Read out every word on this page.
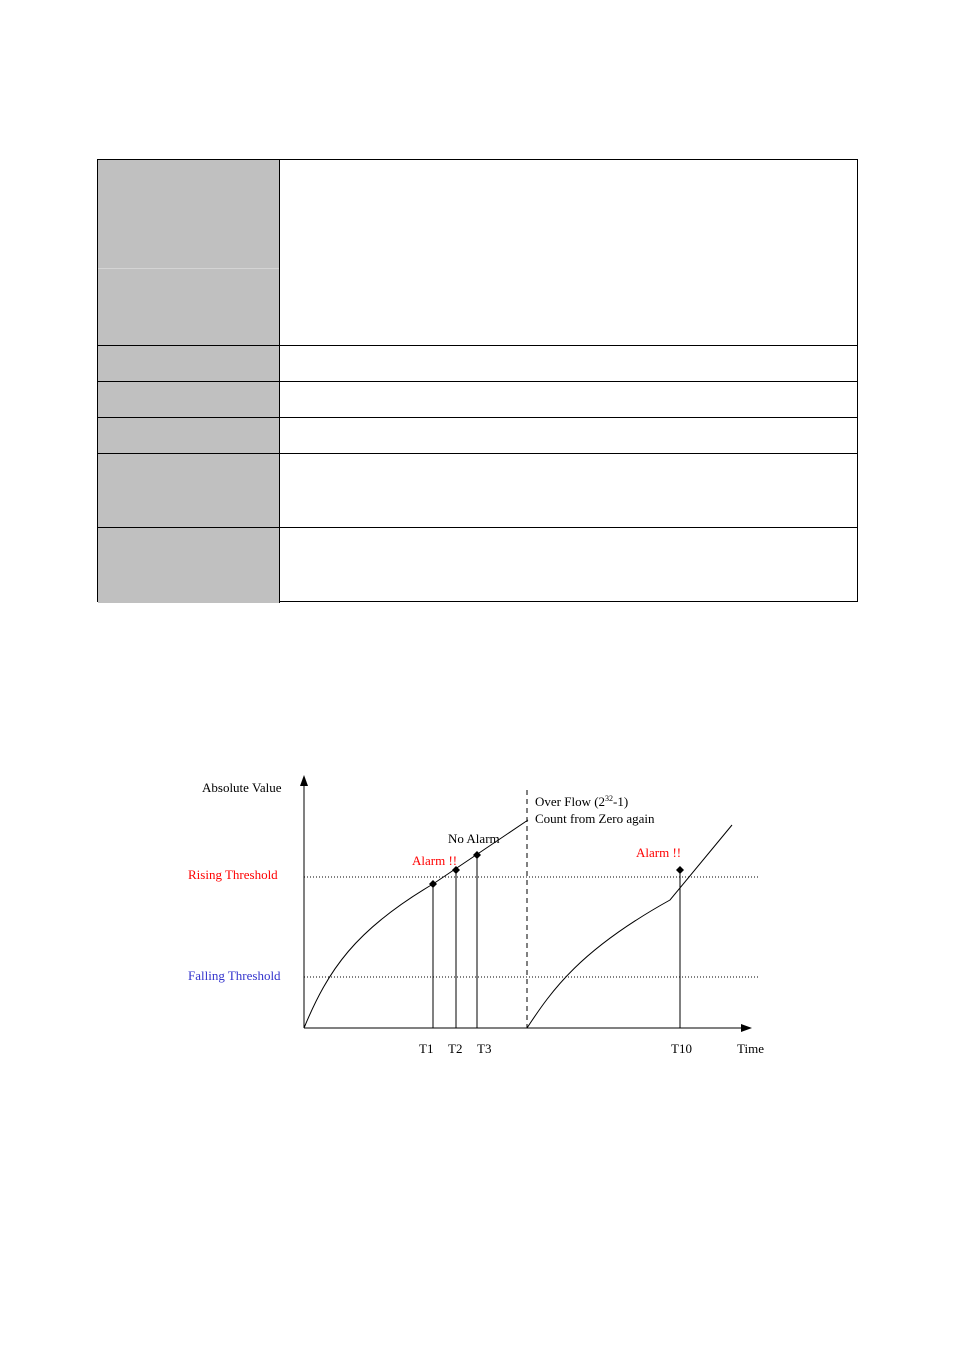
Absolute Value
Time
Rising Threshold
Falling Threshold
Over Flow $(2^{32}-1)$
Count from Zero again
No Alarm
Alarm !!
Alarm !!
T1 T2 T3	T10
